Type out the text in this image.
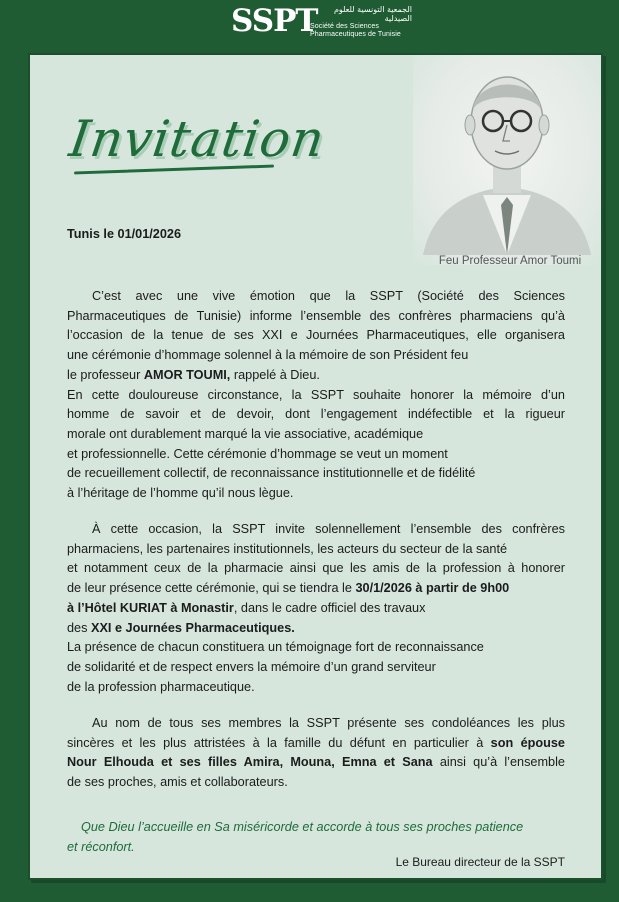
SSPT	الجمعية التونسية للعلوم الصيدلية
Société des Sciences
Pharmaceutiques de Tunisie
Invitation
Feu Professeur Amor Toumi
Tunis le 01/01/2026

C’est avec une vive émotion que la SSPT (Société des Sciences

Pharmaceutiques de Tunisie) informe l’ensemble des confrères pharmaciens qu’à

l’occasion de la tenue de ses XXI e Journées Pharmaceutiques, elle organisera

une cérémonie d’hommage solennel à la mémoire de son Président feu

le professeur AMOR TOUMI, rappelé à Dieu.

En cette douloureuse circonstance, la SSPT souhaite honorer la mémoire d’un

homme de savoir et de devoir, dont l’engagement indéfectible et la rigueur

morale ont durablement marqué la vie associative, académique

et professionnelle. Cette cérémonie d’hommage se veut un moment

de recueillement collectif, de reconnaissance institutionnelle et de fidélité

à l’héritage de l’homme qu’il nous lègue.

À cette occasion, la SSPT invite solennellement l’ensemble des confrères

pharmaciens, les partenaires institutionnels, les acteurs du secteur de la santé

et notamment ceux de la pharmacie ainsi que les amis de la profession à honorer

de leur présence cette cérémonie, qui se tiendra le 30/1/2026 à partir de 9h00

à l’Hôtel KURIAT à Monastir, dans le cadre officiel des travaux

des XXI e Journées Pharmaceutiques.

La présence de chacun constituera un témoignage fort de reconnaissance

de solidarité et de respect envers la mémoire d’un grand serviteur

de la profession pharmaceutique.

Au nom de tous ses membres la SSPT présente ses condoléances les plus

sincères et les plus attristées à la famille du défunt en particulier à son épouse

Nour Elhouda et ses filles Amira, Mouna, Emna et Sana ainsi qu’à l’ensemble

de ses proches, amis et collaborateurs.

Que Dieu l’accueille en Sa miséricorde et accorde à tous ses proches patience
et réconfort.
Le Bureau directeur de la SSPT
